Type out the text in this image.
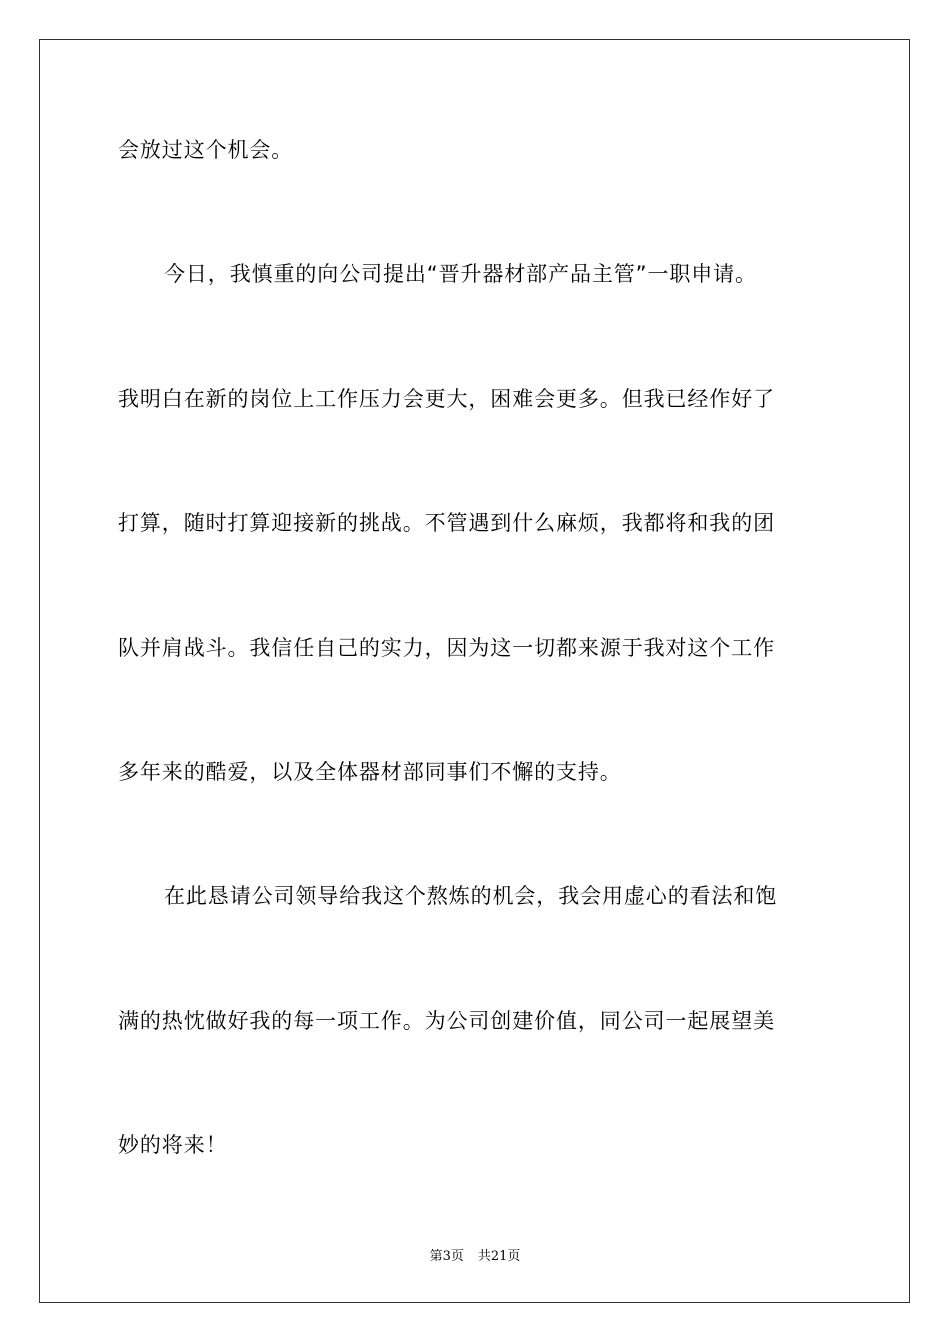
会放过这个机会。
今日，我慎重的向公司提出“晋升器材部产品主管”一职申请。
我明白在新的岗位上工作压力会更大，困难会更多。但我已经作好了
打算，随时打算迎接新的挑战。不管遇到什么麻烦，我都将和我的团
队并肩战斗。我信任自己的实力，因为这一切都来源于我对这个工作
多年来的酷爱，以及全体器材部同事们不懈的支持。
在此恳请公司领导给我这个熬炼的机会，我会用虚心的看法和饱
满的热忱做好我的每一项工作。为公司创建价值，同公司一起展望美
妙的将来！
第3页 共21页
